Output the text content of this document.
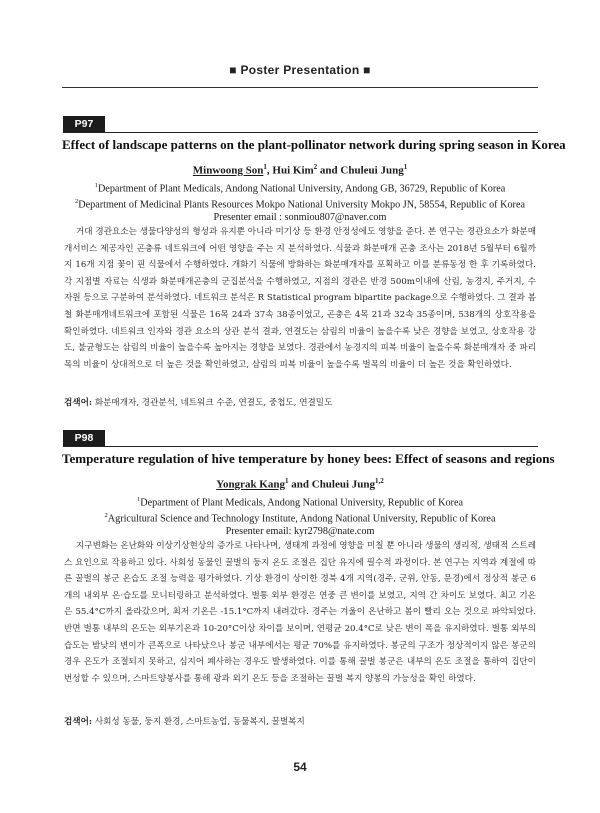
■ Poster Presentation ■
P97
Effect of landscape patterns on the plant-pollinator network during spring season in Korea
Minwoong Son$^1$, Hui Kim$^2$ and Chuleui Jung$^1$
$^1$Department of Plant Medicals, Andong National University, Andong GB, 36729, Republic of Korea
$^2$Department of Medicinal Plants Resources Mokpo National University Mokpo JN, 58554, Republic of Korea
Presenter email : sonmiou807@naver.com

거대 경관요소는 생물다양성의 형성과 유지뿐 아니라 미기상 등 환경 안정성에도 영향을 준다. 본 연구는 경관요소가 화분매개서비스 제공자인 곤충류 네트워크에 어떤 영향을 주는 지 분석하였다. 식물과 화분매개 곤충 조사는 2018년 5월부터 6월까지 16개 지점 꽃이 핀 식물에서 수행하였다. 개화기 식물에 방화하는 화분매개자를 포획하고 이를 분류동정 한 후 기록하였다. 각 지점별 자료는 식생과 화분매개곤충의 군집분석을 수행하였고, 지점의 경관은 반경 500m이내에 산림, 농경지, 주거지, 수자원 등으로 구분하여 분석하였다. 네트워크 분석은 R Statistical program bipartite package으로 수행하였다. 그 결과 봄철 화분매개네트워크에 포함된 식물은 16목 24과 37속 38종이었고, 곤충은 4목 21과 32속 35종이며, 538개의 상호작용을 확인하였다. 네트워크 인자와 경관 요소의 상관 분석 결과, 연결도는 삼림의 비율이 높을수록 낮은 경향을 보였고, 상호작용 강도, 불균형도는 삼림의 비율이 높을수록 높아지는 경향을 보였다. 경관에서 농경지의 피복 비율이 높을수록 화분매개자 중 파리목의 비율이 상대적으로 더 높은 것을 확인하였고, 삼림의 피복 비율이 높을수록 벌목의 비율이 더 높은 것을 확인하였다.

검색어: 화분매개자, 경관분석, 네트워크 수준, 연결도, 중첩도, 연결밀도
P98
Temperature regulation of hive temperature by honey bees: Effect of seasons and regions
Yongrak Kang$^1$ and Chuleui Jung$^{1,2}$
$^1$Department of Plant Medicals, Andong National University, Republic of Korea
$^2$Agricultural Science and Technology Institute, Andong National University, Republic of Korea
Presenter email: kyr2798@nate.com

지구변화는 온난화와 이상기상현상의 증가로 나타나며, 생태계 과정에 영향을 미칠 뿐 아니라 생물의 생리적, 생태적 스트레스 요인으로 작용하고 있다. 사회성 동물인 꿀벌의 둥지 온도 조절은 집단 유지에 필수적 과정이다. 본 연구는 지역과 계절에 따른 꿀벌의 봉군 온습도 조절 능력을 평가하였다. 기상 환경이 상이한 경북 4개 지역(경주, 군위, 안동, 문경)에서 정상적 봉군 6개의 내외부 온·습도를 모니터링하고 분석하였다. 벌통 외부 환경은 연중 큰 변이를 보였고, 지역 간 차이도 보였다. 최고 기온은 55.4°C까지 올라갔으며, 최저 기온은 -15.1°C까지 내려갔다. 경주는 겨울이 온난하고 봄이 빨리 오는 것으로 파악되었다. 반면 벌통 내부의 온도는 외부기온과 10-20°C이상 차이를 보이며, 연평균 20.4°C로 낮은 변이 폭을 유지하였다. 벌통 외부의 습도는 밤낮의 변이가 큰폭으로 나타났으나 봉군 내부에서는 평균 70%를 유지하였다. 봉군의 구조가 정상적이지 않은 봉군의 경우 온도가 조절되지 못하고, 심지어 폐사하는 경우도 발생하였다. 이를 통해 꿀벌 봉군은 내부의 온도 조절을 통하여 집단이 번성할 수 있으며, 스마트양봉사를 통해 광과 외기 온도 등을 조절하는 꿀벌 복지 양봉의 가능성을 확인 하였다.

검색어: 사회성 동물, 둥지 환경, 스마트농업, 동물복지, 꿀벌복지
54
